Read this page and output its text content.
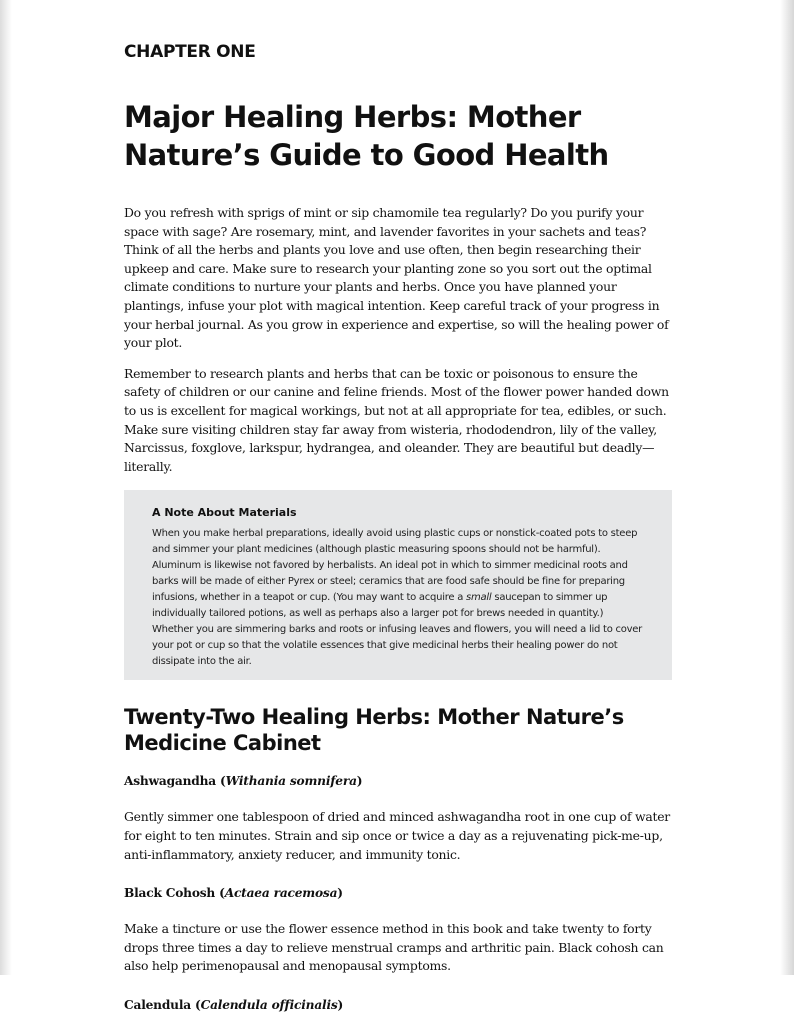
CHAPTER ONE
Major Healing Herbs: Mother Nature’s Guide to Good Health

Do you refresh with sprigs of mint or sip chamomile tea regularly? Do you purify your space with sage? Are rosemary, mint, and lavender favorites in your sachets and teas? Think of all the herbs and plants you love and use often, then begin researching their upkeep and care. Make sure to research your planting zone so you sort out the optimal climate conditions to nurture your plants and herbs. Once you have planned your plantings, infuse your plot with magical intention. Keep careful track of your progress in your herbal journal. As you grow in experience and expertise, so will the healing power of your plot.

Remember to research plants and herbs that can be toxic or poisonous to ensure the safety of children or our canine and feline friends. Most of the flower power handed down to us is excellent for magical workings, but not at all appropriate for tea, edibles, or such. Make sure visiting children stay far away from wisteria, rhododendron, lily of the valley, Narcissus, foxglove, larkspur, hydrangea, and oleander. They are beautiful but deadly—literally.

A Note About Materials

When you make herbal preparations, ideally avoid using plastic cups or nonstick-coated pots to steep and simmer your plant medicines (although plastic measuring spoons should not be harmful). Aluminum is likewise not favored by herbalists. An ideal pot in which to simmer medicinal roots and barks will be made of either Pyrex or steel; ceramics that are food safe should be fine for preparing infusions, whether in a teapot or cup. (You may want to acquire a small saucepan to simmer up individually tailored potions, as well as perhaps also a larger pot for brews needed in quantity.) Whether you are simmering barks and roots or infusing leaves and flowers, you will need a lid to cover your pot or cup so that the volatile essences that give medicinal herbs their healing power do not dissipate into the air.

Twenty-Two Healing Herbs: Mother Nature’s Medicine Cabinet

Ashwagandha (Withania somnifera)

Gently simmer one tablespoon of dried and minced ashwagandha root in one cup of water for eight to ten minutes. Strain and sip once or twice a day as a rejuvenating pick-me-up, anti-inflammatory, anxiety reducer, and immunity tonic.

Black Cohosh (Actaea racemosa)

Make a tincture or use the flower essence method in this book and take twenty to forty drops three times a day to relieve menstrual cramps and arthritic pain. Black cohosh can also help perimenopausal and menopausal symptoms.

Calendula (Calendula officinalis)
